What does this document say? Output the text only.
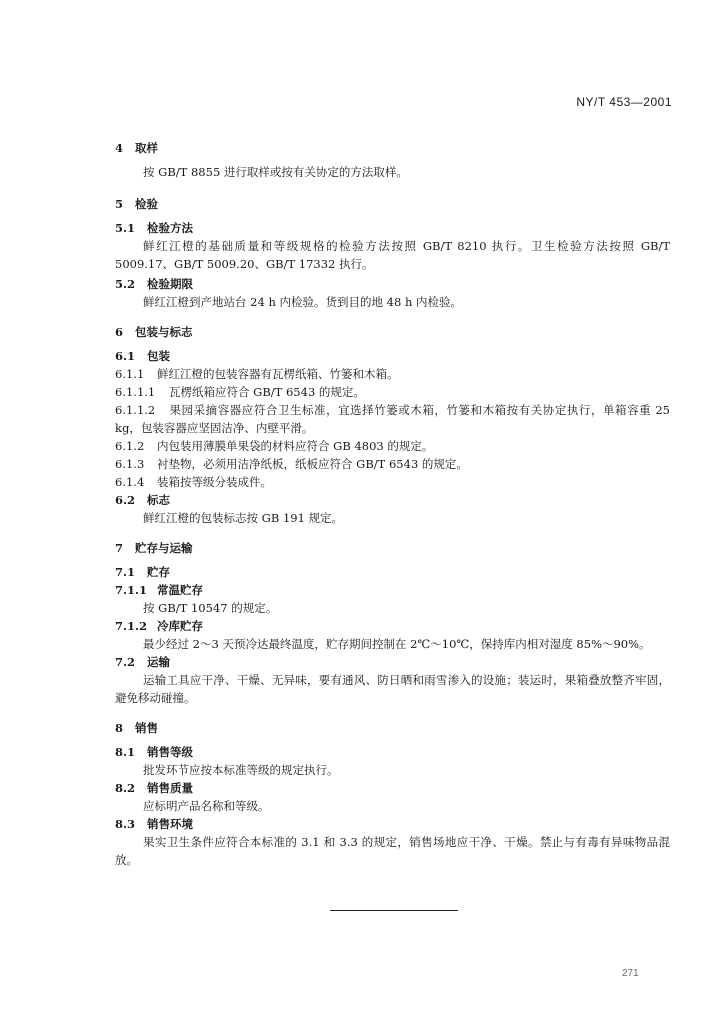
NY/T 453—2001

4 取样

按 GB/T 8855 进行取样或按有关协定的方法取样。

5 检验

5.1 检验方法

鲜红江橙的基础质量和等级规格的检验方法按照 GB/T 8210 执行。卫生检验方法按照 GB/T 5009.17、GB/T 5009.20、GB/T 17332 执行。

5.2 检验期限

鲜红江橙到产地站台 24 h 内检验。货到目的地 48 h 内检验。

6 包装与标志

6.1 包装

6.1.1 鲜红江橙的包装容器有瓦楞纸箱、竹篓和木箱。

6.1.1.1 瓦楞纸箱应符合 GB/T 6543 的规定。

6.1.1.2 果园采摘容器应符合卫生标准，宜选择竹篓或木箱，竹篓和木箱按有关协定执行，单箱容重 25 kg，包装容器应坚固洁净、内壁平滑。

6.1.2 内包装用薄膜单果袋的材料应符合 GB 4803 的规定。

6.1.3 衬垫物，必须用洁净纸板，纸板应符合 GB/T 6543 的规定。

6.1.4 装箱按等级分装成件。

6.2 标志

鲜红江橙的包装标志按 GB 191 规定。

7 贮存与运输

7.1 贮存

7.1.1 常温贮存

按 GB/T 10547 的规定。

7.1.2 冷库贮存

最少经过 2～3 天预冷达最终温度，贮存期间控制在 2℃～10℃，保持库内相对湿度 85%～90%。

7.2 运输

运输工具应干净、干燥、无异味，要有通风、防日晒和雨雪渗入的设施；装运时，果箱叠放整齐牢固，避免移动碰撞。

8 销售

8.1 销售等级

批发环节应按本标准等级的规定执行。

8.2 销售质量

应标明产品名称和等级。

8.3 销售环境

果实卫生条件应符合本标准的 3.1 和 3.3 的规定，销售场地应干净、干燥。禁止与有毒有异味物品混放。

271
